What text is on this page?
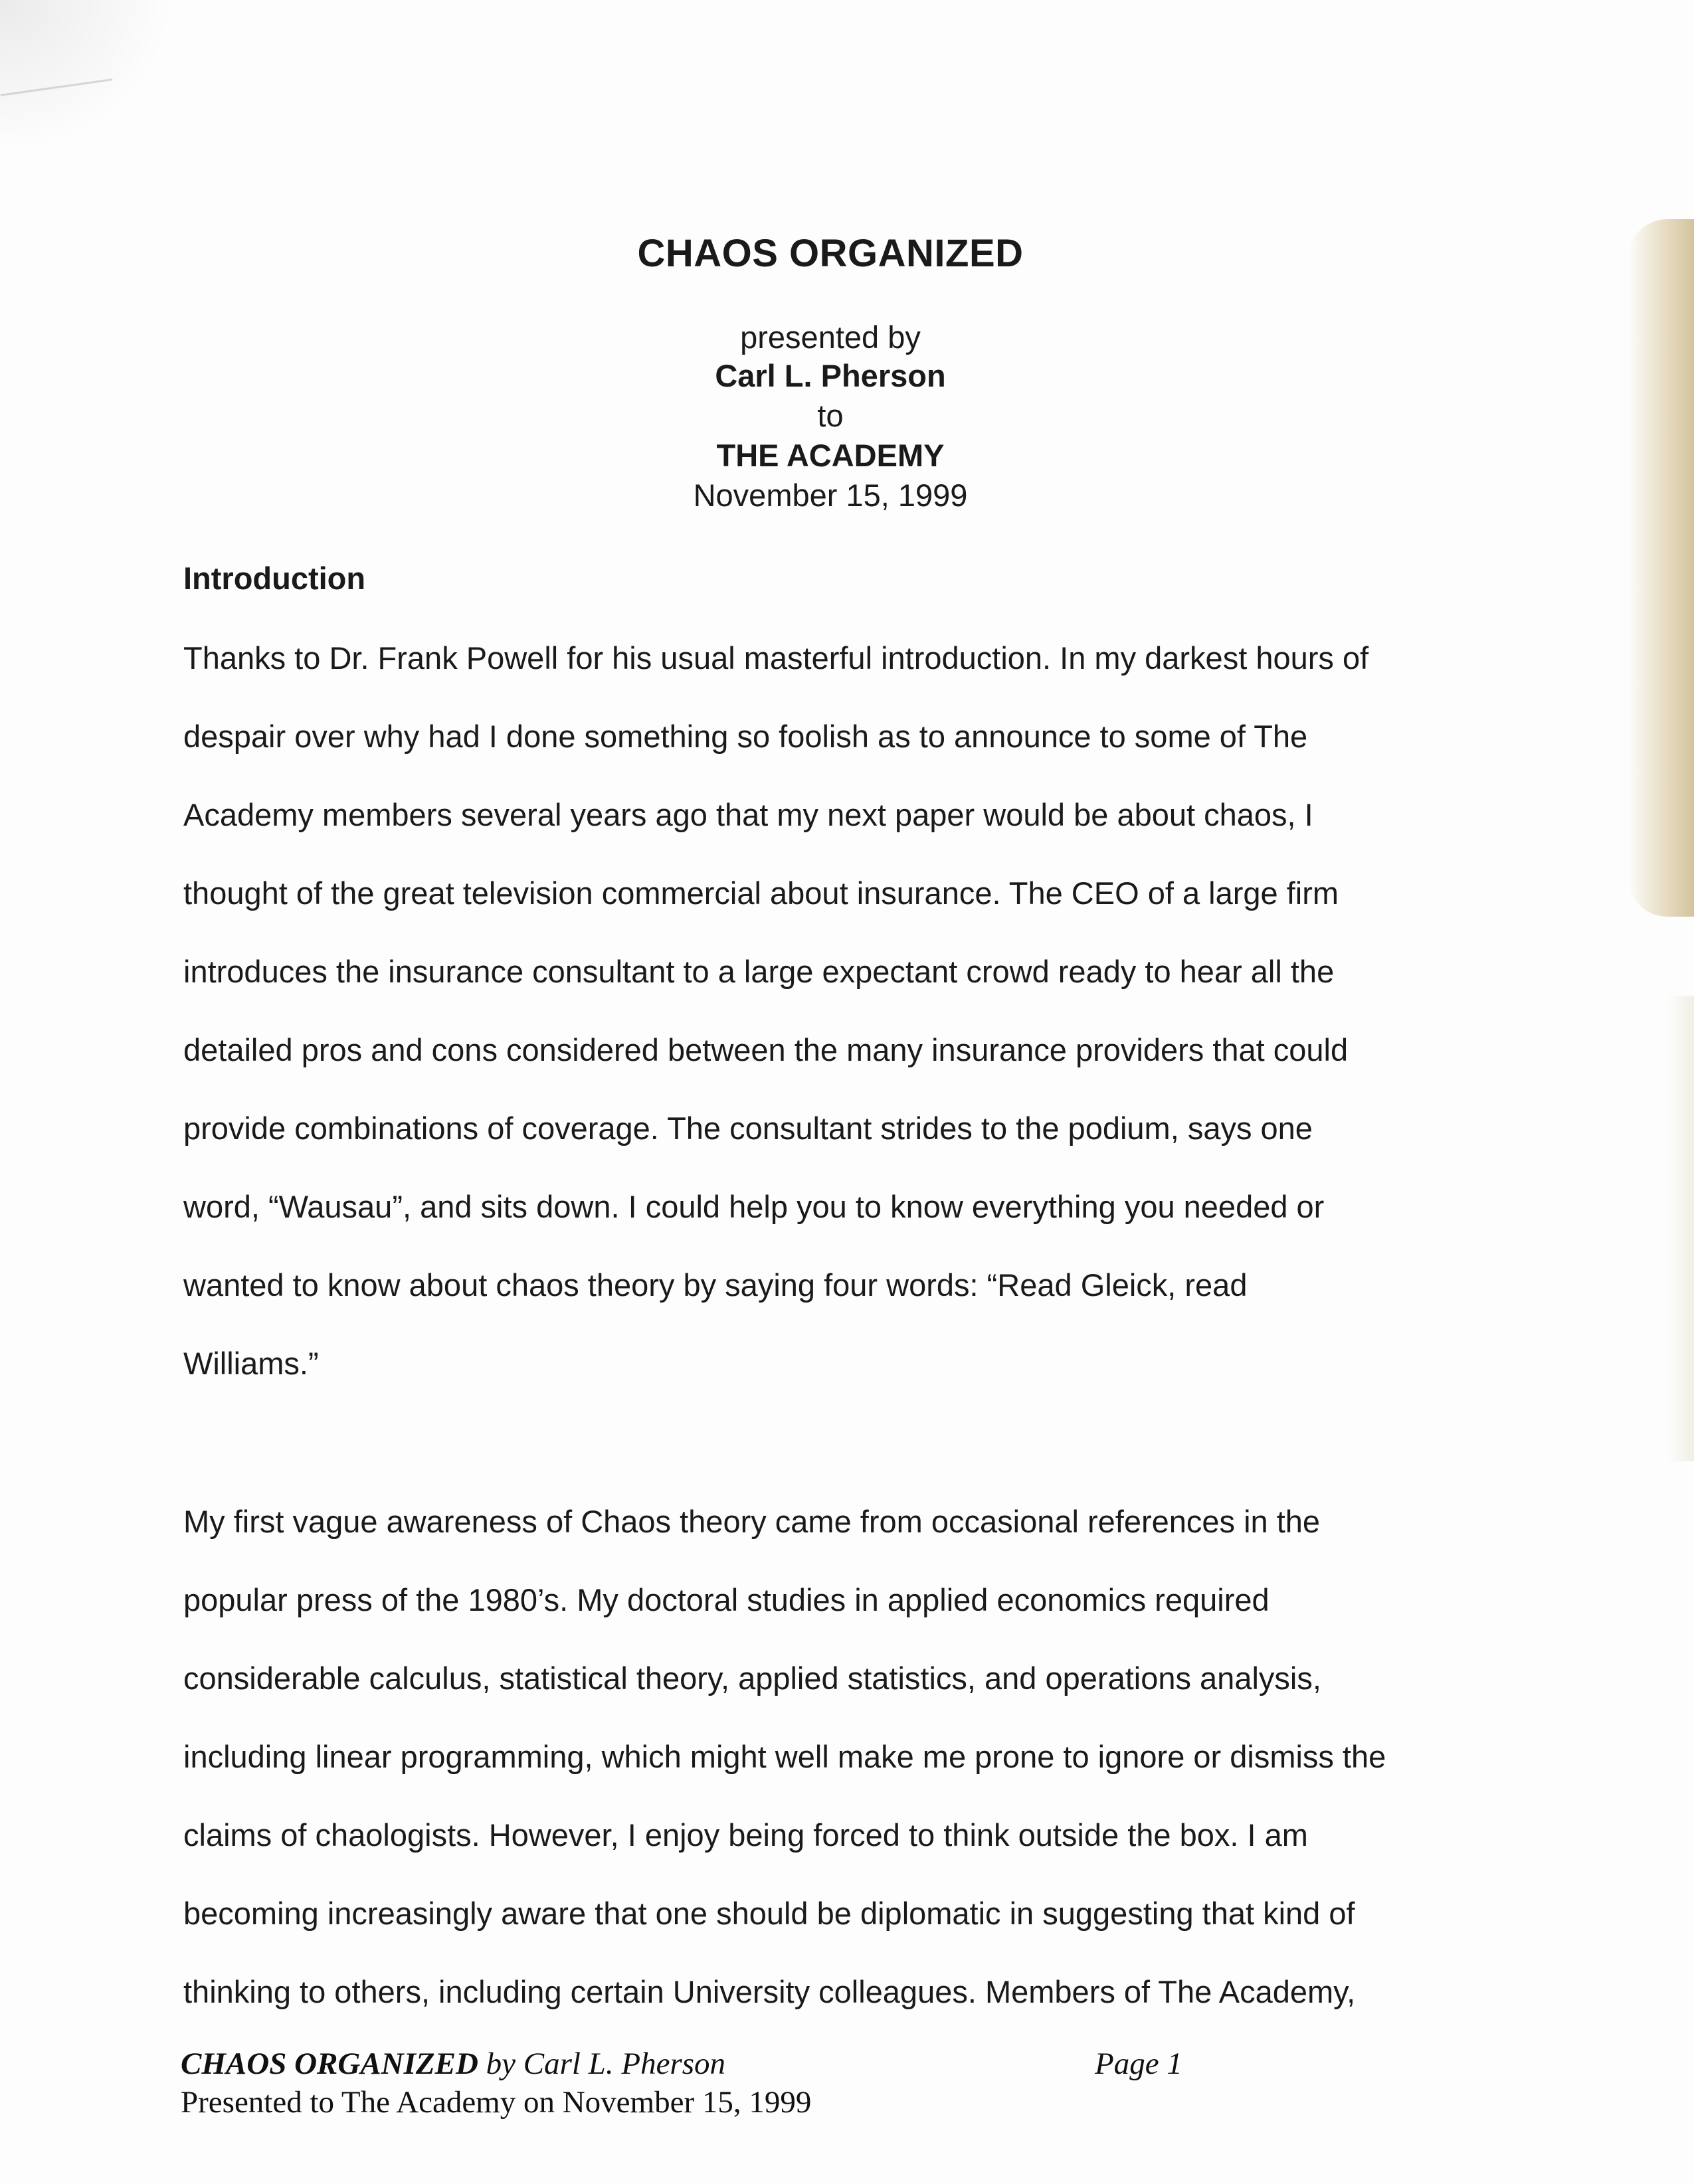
CHAOS ORGANIZED
presented by
Carl L. Pherson
to
THE ACADEMY
November 15, 1999
Introduction
Thanks to Dr. Frank Powell for his usual masterful introduction. In my darkest hours of
despair over why had I done something so foolish as to announce to some of The
Academy members several years ago that my next paper would be about chaos, I
thought of the great television commercial about insurance. The CEO of a large firm
introduces the insurance consultant to a large expectant crowd ready to hear all the
detailed pros and cons considered between the many insurance providers that could
provide combinations of coverage. The consultant strides to the podium, says one
word, “Wausau”, and sits down. I could help you to know everything you needed or
wanted to know about chaos theory by saying four words: “Read Gleick, read
Williams.”
My first vague awareness of Chaos theory came from occasional references in the
popular press of the 1980’s. My doctoral studies in applied economics required
considerable calculus, statistical theory, applied statistics, and operations analysis,
including linear programming, which might well make me prone to ignore or dismiss the
claims of chaologists. However, I enjoy being forced to think outside the box. I am
becoming increasingly aware that one should be diplomatic in suggesting that kind of
thinking to others, including certain University colleagues. Members of The Academy,
CHAOS ORGANIZED by Carl L. Pherson
Presented to The Academy on November 15, 1999
Page 1
